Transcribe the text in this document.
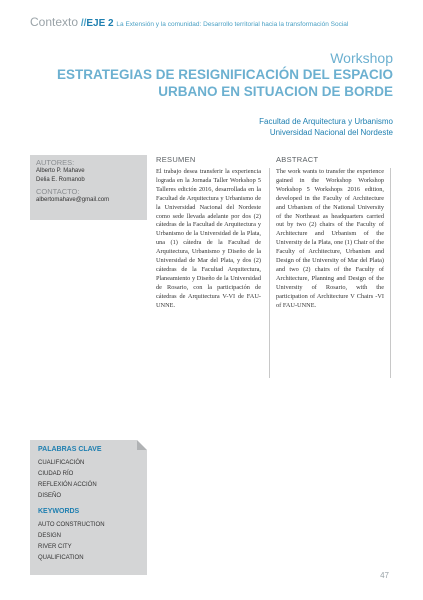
Contexto //EJE 2 La Extensión y la comunidad: Desarrollo territorial hacia la transformación Social
Workshop
ESTRATEGIAS DE RESIGNIFICACIÓN DEL ESPACIO
URBANO EN SITUACION DE BORDE
Facultad de Arquitectura y Urbanismo
Universidad Nacional del Nordeste
AUTORES:
Alberto P. Mahave
Delia E. Romanob
CONTACTO:
albertomahave@gmail.com
RESUMEN
El trabajo desea transferir la experiencia lograda en la Jornada Taller Workshop 5 Talleres edición 2016, desarrollada en la Facultad de Arquitectura y Urbanismo de la Universidad Nacional del Nordeste como sede llevada adelante por dos (2) cátedras de la Facultad de Arquitectura y Urbanismo de la Universidad de la Plata, una (1) cátedra de la Facultad de Arquitectura, Urbanismo y Diseño de la Universidad de Mar del Plata, y dos (2) cátedras de la Facultad Arquitectura, Planeamiento y Diseño de la Universidad de Rosario, con la participación de cátedras de Arquitectura V-VI de FAU-UNNE.
ABSTRACT
The work wants to transfer the experience gained in the Workshop Workshop Workshop 5 Workshops 2016 edition, developed in the Faculty of Architecture and Urbanism of the National University of the Northeast as headquarters carried out by two (2) chairs of the Faculty of Architecture and Urbanism of the University de la Plata, one (1) Chair of the Faculty of Architecture, Urbanism and Design of the University of Mar del Plata) and two (2) chairs of the Faculty of Architecture, Planning and Design of the University of Rosario, with the participation of Architecture V Chairs -VI of FAU-UNNE.
PALABRAS CLAVE
CUALIFICACIÓN
CIUDAD RÍO
REFLEXIÓN ACCIÓN
DISEÑO
KEYWORDS
AUTO CONSTRUCTION
DESIGN
RIVER CITY
QUALIFICATION
47
